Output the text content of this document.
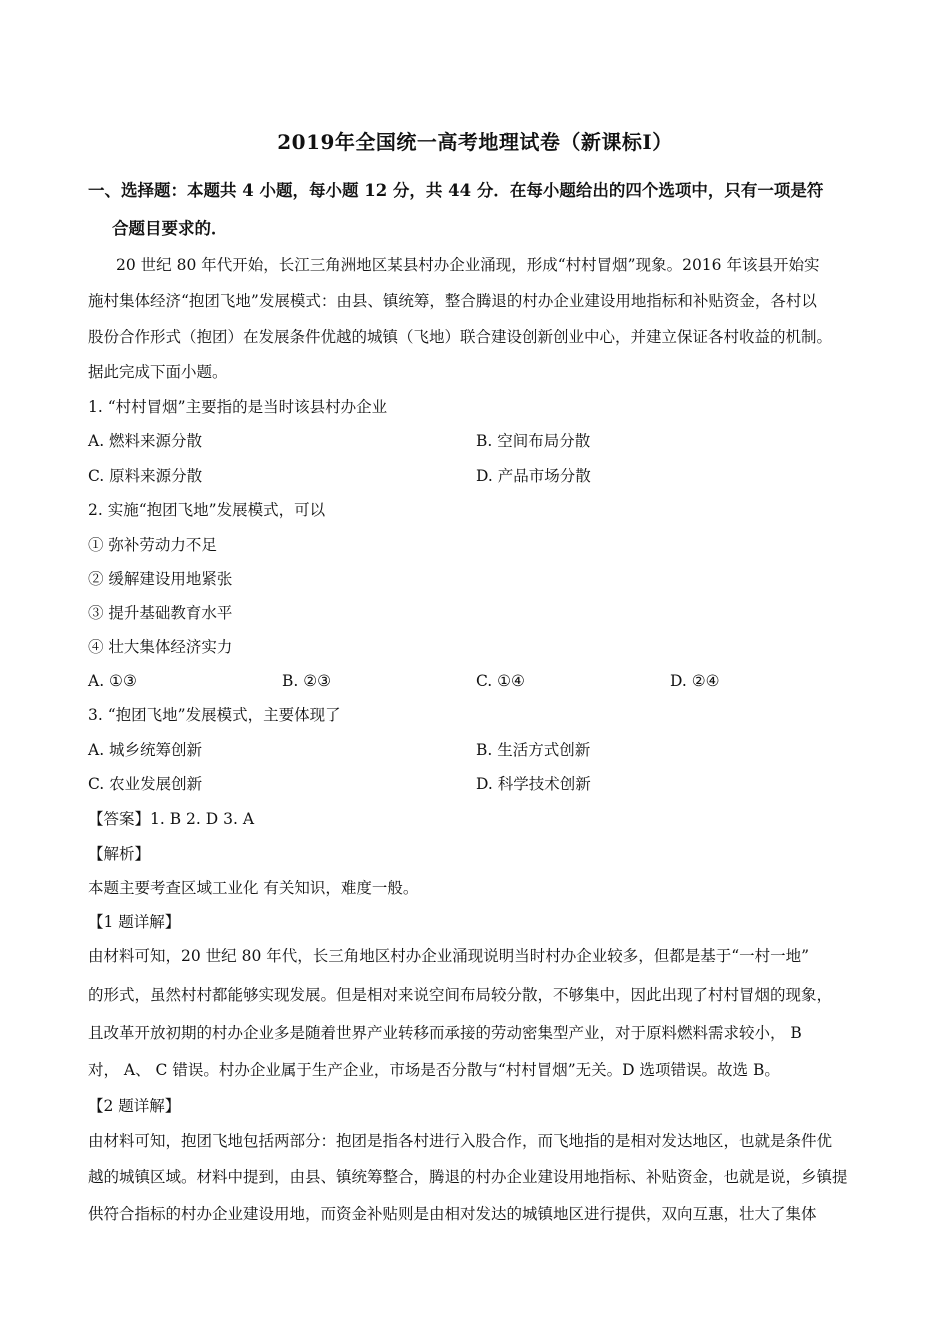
2019年全国统一高考地理试卷（新课标Ⅰ）
一、选择题：本题共 4 小题，每小题 12 分，共 44 分．在每小题给出的四个选项中，只有一项是符
合题目要求的．
20 世纪 80 年代开始，长江三角洲地区某县村办企业涌现，形成“村村冒烟”现象。2016 年该县开始实
施村集体经济“抱团飞地”发展模式：由县、镇统筹，整合腾退的村办企业建设用地指标和补贴资金，各村以
股份合作形式（抱团）在发展条件优越的城镇（飞地）联合建设创新创业中心，并建立保证各村收益的机制。
据此完成下面小题。
1. “村村冒烟”主要指的是当时该县村办企业
A. 燃料来源分散	B. 空间布局分散
C. 原料来源分散	D. 产品市场分散
2. 实施“抱团飞地”发展模式，可以
① 弥补劳动力不足
② 缓解建设用地紧张
③ 提升基础教育水平
④ 壮大集体经济实力
A. ①③	B. ②③	C. ①④	D. ②④
3. “抱团飞地”发展模式，主要体现了
A. 城乡统筹创新	B. 生活方式创新
C. 农业发展创新	D. 科学技术创新
【答案】1. B 2. D 3. A
【解析】
本题主要考查区域工业化 有关知识，难度一般。
【1 题详解】
由材料可知，20 世纪 80 年代，长三角地区村办企业涌现说明当时村办企业较多，但都是基于“一村一地”
的形式，虽然村村都能够实现发展。但是相对来说空间布局较分散，不够集中，因此出现了村村冒烟的现象，
且改革开放初期的村办企业多是随着世界产业转移而承接的劳动密集型产业，对于原料燃料需求较小， B
对， A、 C 错误。村办企业属于生产企业，市场是否分散与“村村冒烟”无关。D 选项错误。故选 B。
【2 题详解】
由材料可知，抱团飞地包括两部分：抱团是指各村进行入股合作，而飞地指的是相对发达地区，也就是条件优
越的城镇区域。材料中提到，由县、镇统筹整合，腾退的村办企业建设用地指标、补贴资金，也就是说，乡镇提
供符合指标的村办企业建设用地，而资金补贴则是由相对发达的城镇地区进行提供，双向互惠，壮大了集体
